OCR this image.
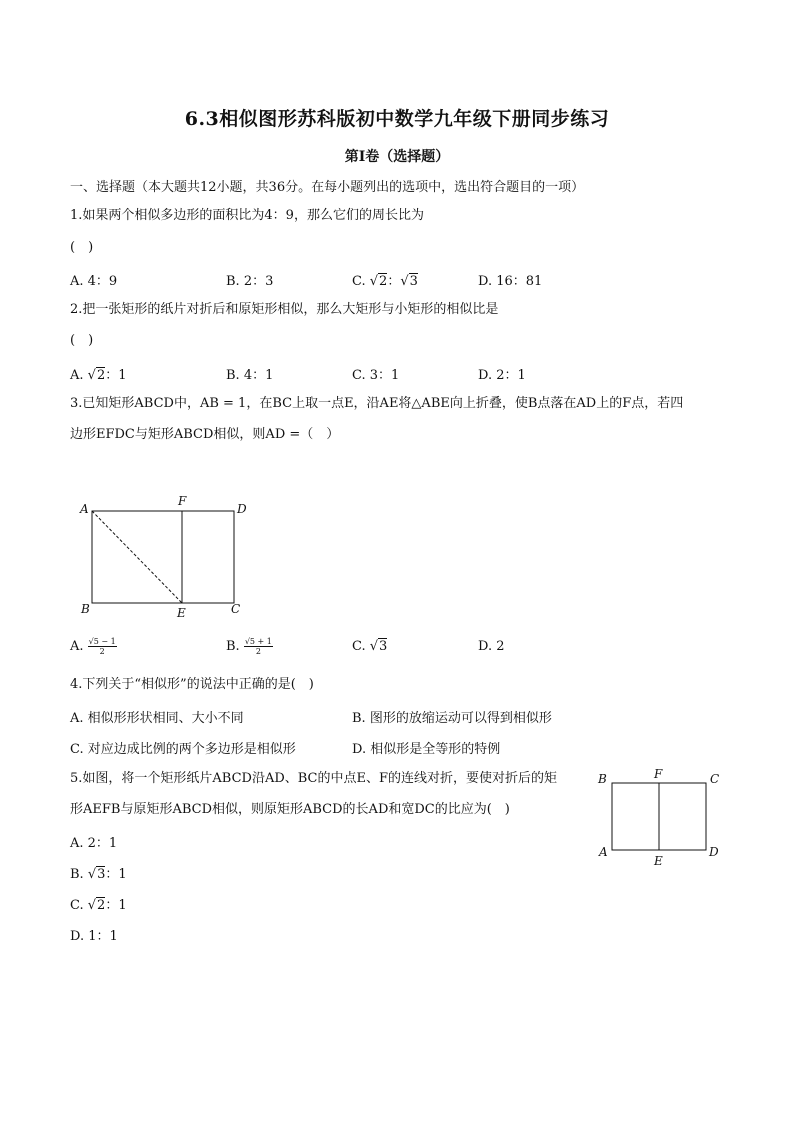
6.3相似图形苏科版初中数学九年级下册同步练习
第I卷（选择题）
一、选择题（本大题共12小题，共36分。在每小题列出的选项中，选出符合题目的一项）
1.如果两个相似多边形的面积比为4：9，那么它们的周长比为
(　)
A. 4：9	B. 2：3	C. √2：√3	D. 16：81
2.把一张矩形的纸片对折后和原矩形相似，那么大矩形与小矩形的相似比是
(　)
A. √2：1	B. 4：1	C. 3：1	D. 2：1
3.已知矩形ABCD中，AB = 1，在BC上取一点E，沿AE将△ABE向上折叠，使B点落在AD上的F点，若四
边形EFDC与矩形ABCD相似，则AD =（　）
A
F
D
B	E	C
A. $\frac{√5 - 1}{2}$	B. $\frac{√5 + 1}{2}$	C. √3	D. 2
4.下列关于“相似形”的说法中正确的是(　)
A. 相似形形状相同、大小不同	B. 图形的放缩运动可以得到相似形
C. 对应边成比例的两个多边形是相似形	D. 相似形是全等形的特例
5.如图，将一个矩形纸片ABCD沿AD、BC的中点E、F的连线对折，要使对折后的矩
形AEFB与原矩形ABCD相似，则原矩形ABCD的长AD和宽DC的比应为(　)
B	F	C
A
E
D
A. 2：1
B. √3：1
C. √2：1
D. 1：1
